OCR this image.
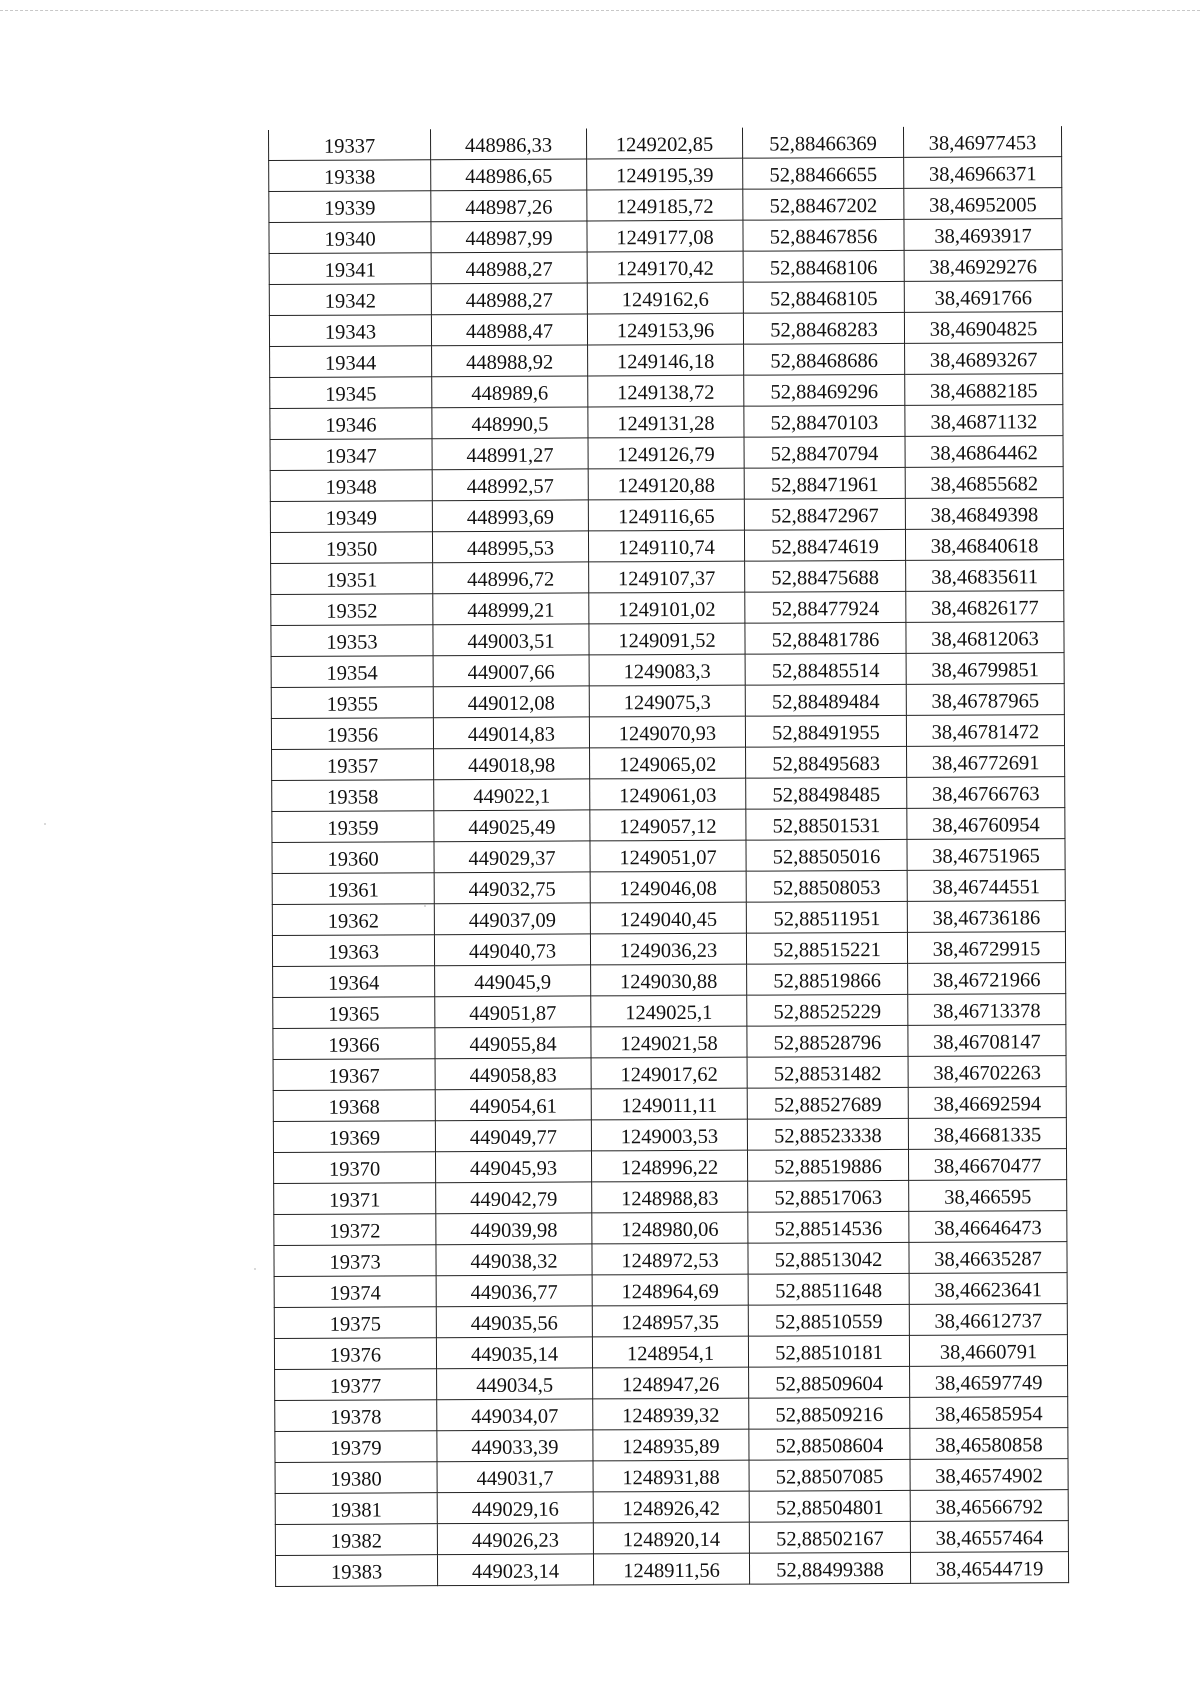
19337	448986,33	1249202,85	52,88466369	38,46977453
19338	448986,65	1249195,39	52,88466655	38,46966371
19339	448987,26	1249185,72	52,88467202	38,46952005
19340	448987,99	1249177,08	52,88467856	38,4693917
19341	448988,27	1249170,42	52,88468106	38,46929276
19342	448988,27	1249162,6	52,88468105	38,4691766
19343	448988,47	1249153,96	52,88468283	38,46904825
19344	448988,92	1249146,18	52,88468686	38,46893267
19345	448989,6	1249138,72	52,88469296	38,46882185
19346	448990,5	1249131,28	52,88470103	38,46871132
19347	448991,27	1249126,79	52,88470794	38,46864462
19348	448992,57	1249120,88	52,88471961	38,46855682
19349	448993,69	1249116,65	52,88472967	38,46849398
19350	448995,53	1249110,74	52,88474619	38,46840618
19351	448996,72	1249107,37	52,88475688	38,46835611
19352	448999,21	1249101,02	52,88477924	38,46826177
19353	449003,51	1249091,52	52,88481786	38,46812063
19354	449007,66	1249083,3	52,88485514	38,46799851
19355	449012,08	1249075,3	52,88489484	38,46787965
19356	449014,83	1249070,93	52,88491955	38,46781472
19357	449018,98	1249065,02	52,88495683	38,46772691
19358	449022,1	1249061,03	52,88498485	38,46766763
19359	449025,49	1249057,12	52,88501531	38,46760954
19360	449029,37	1249051,07	52,88505016	38,46751965
19361	449032,75	1249046,08	52,88508053	38,46744551
19362	449037,09	1249040,45	52,88511951	38,46736186
19363	449040,73	1249036,23	52,88515221	38,46729915
19364	449045,9	1249030,88	52,88519866	38,46721966
19365	449051,87	1249025,1	52,88525229	38,46713378
19366	449055,84	1249021,58	52,88528796	38,46708147
19367	449058,83	1249017,62	52,88531482	38,46702263
19368	449054,61	1249011,11	52,88527689	38,46692594
19369	449049,77	1249003,53	52,88523338	38,46681335
19370	449045,93	1248996,22	52,88519886	38,46670477
19371	449042,79	1248988,83	52,88517063	38,466595
19372	449039,98	1248980,06	52,88514536	38,46646473
19373	449038,32	1248972,53	52,88513042	38,46635287
19374	449036,77	1248964,69	52,88511648	38,46623641
19375	449035,56	1248957,35	52,88510559	38,46612737
19376	449035,14	1248954,1	52,88510181	38,4660791
19377	449034,5	1248947,26	52,88509604	38,46597749
19378	449034,07	1248939,32	52,88509216	38,46585954
19379	449033,39	1248935,89	52,88508604	38,46580858
19380	449031,7	1248931,88	52,88507085	38,46574902
19381	449029,16	1248926,42	52,88504801	38,46566792
19382	449026,23	1248920,14	52,88502167	38,46557464
19383	449023,14	1248911,56	52,88499388	38,46544719
